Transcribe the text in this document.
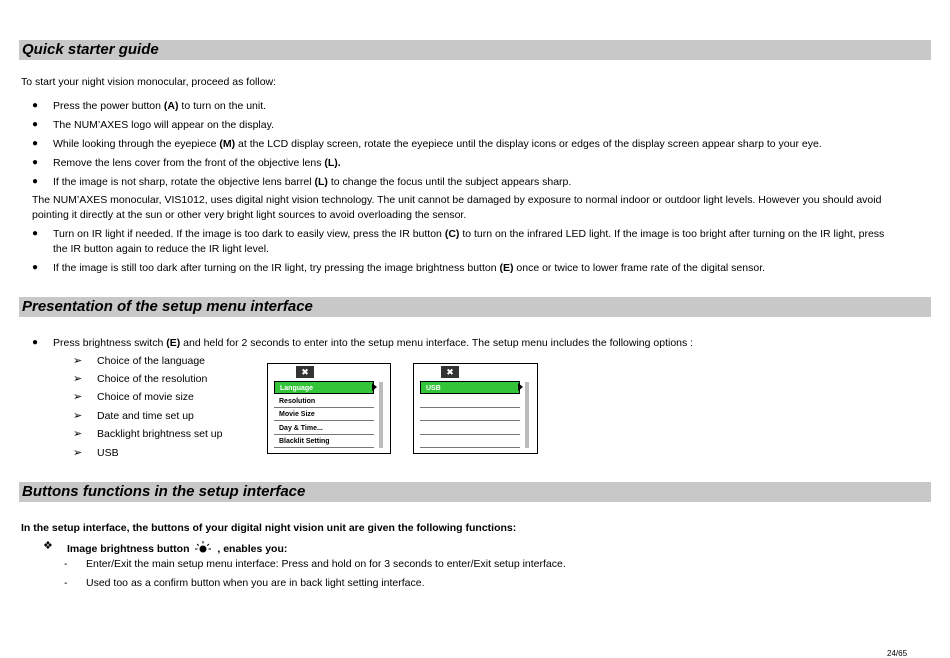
Quick starter guide
To start your night vision monocular, proceed as follow:
● Press the power button (A) to turn on the unit.
● The NUM’AXES logo will appear on the display.
● While looking through the eyepiece (M) at the LCD display screen, rotate the eyepiece until the display icons or edges of the display screen appear sharp to your eye.
● Remove the lens cover from the front of the objective lens (L).
● If the image is not sharp, rotate the objective lens barrel (L) to change the focus until the subject appears sharp.
The NUM’AXES monocular, VIS1012, uses digital night vision technology. The unit cannot be damaged by exposure to normal indoor or outdoor light levels. However you should avoid
pointing it directly at the sun or other very bright light sources to avoid overloading the sensor.
● Turn on IR light if needed. If the image is too dark to easily view, press the IR button (C) to turn on the infrared LED light. If the image is too bright after turning on the IR light, press
the IR button again to reduce the IR light level.
● If the image is still too dark after turning on the IR light, try pressing the image brightness button (E) once or twice to lower frame rate of the digital sensor.
Presentation of the setup menu interface
● Press brightness switch (E) and held for 2 seconds to enter into the setup menu interface. The setup menu includes the following options :
➢ Choice of the language
➢ Choice of the resolution
➢ Choice of movie size
➢ Date and time set up
➢ Backlight brightness set up
➢ USB
✖
Language
Resolution
Movie Size
Day & Time...
Blacklit Setting
✖
USB
Buttons functions in the setup interface
In the setup interface, the buttons of your digital night vision unit are given the following functions:
❖ Image brightness button	, enables you:
- Enter/Exit the main setup menu interface: Press and hold on for 3 seconds to enter/Exit setup interface.
- Used too as a confirm button when you are in back light setting interface.
24/65
